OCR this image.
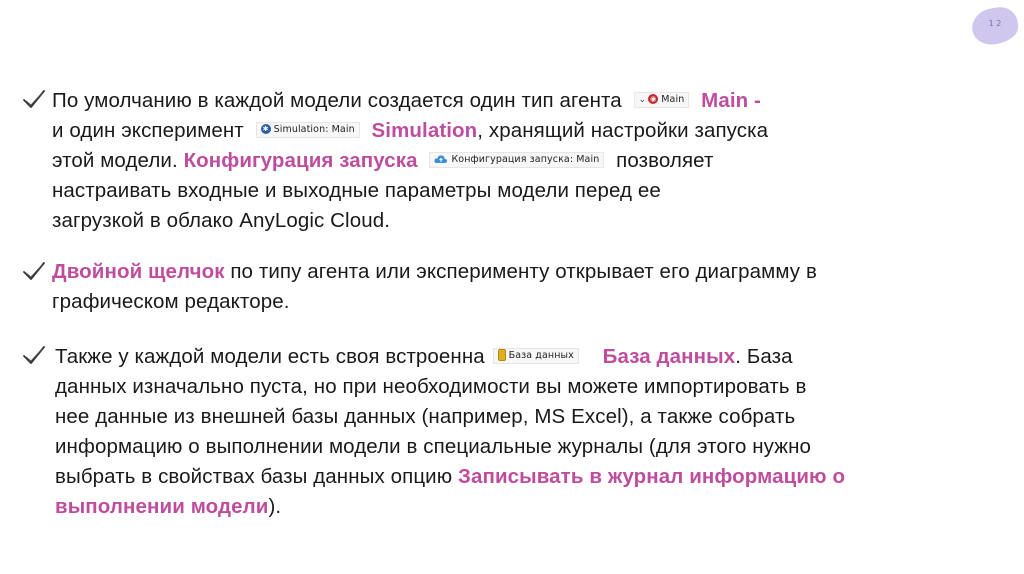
1 2
По умолчанию в каждой модели создается один тип агента ⌄ ◉ Main Main -
и один эксперимент	✱ Simulation: Main Simulation, хранящий настройки запуска
этой модели. Конфигурация запуска	Конфигурация запуска: Main позволяет
настраивать входные и выходные параметры модели перед ее
загрузкой в облако AnyLogic Cloud.
Двойной щелчок по типу агента или эксперименту открывает его диаграмму в
графическом редакторе.
Также у каждой модели есть своя встроенна	База данных База данных. База
данных изначально пуста, но при необходимости вы можете импортировать в
нее данные из внешней базы данных (например, MS Excel), а также собрать
информацию о выполнении модели в специальные журналы (для этого нужно
выбрать в свойствах базы данных опцию Записывать в журнал информацию о
выполнении модели).
